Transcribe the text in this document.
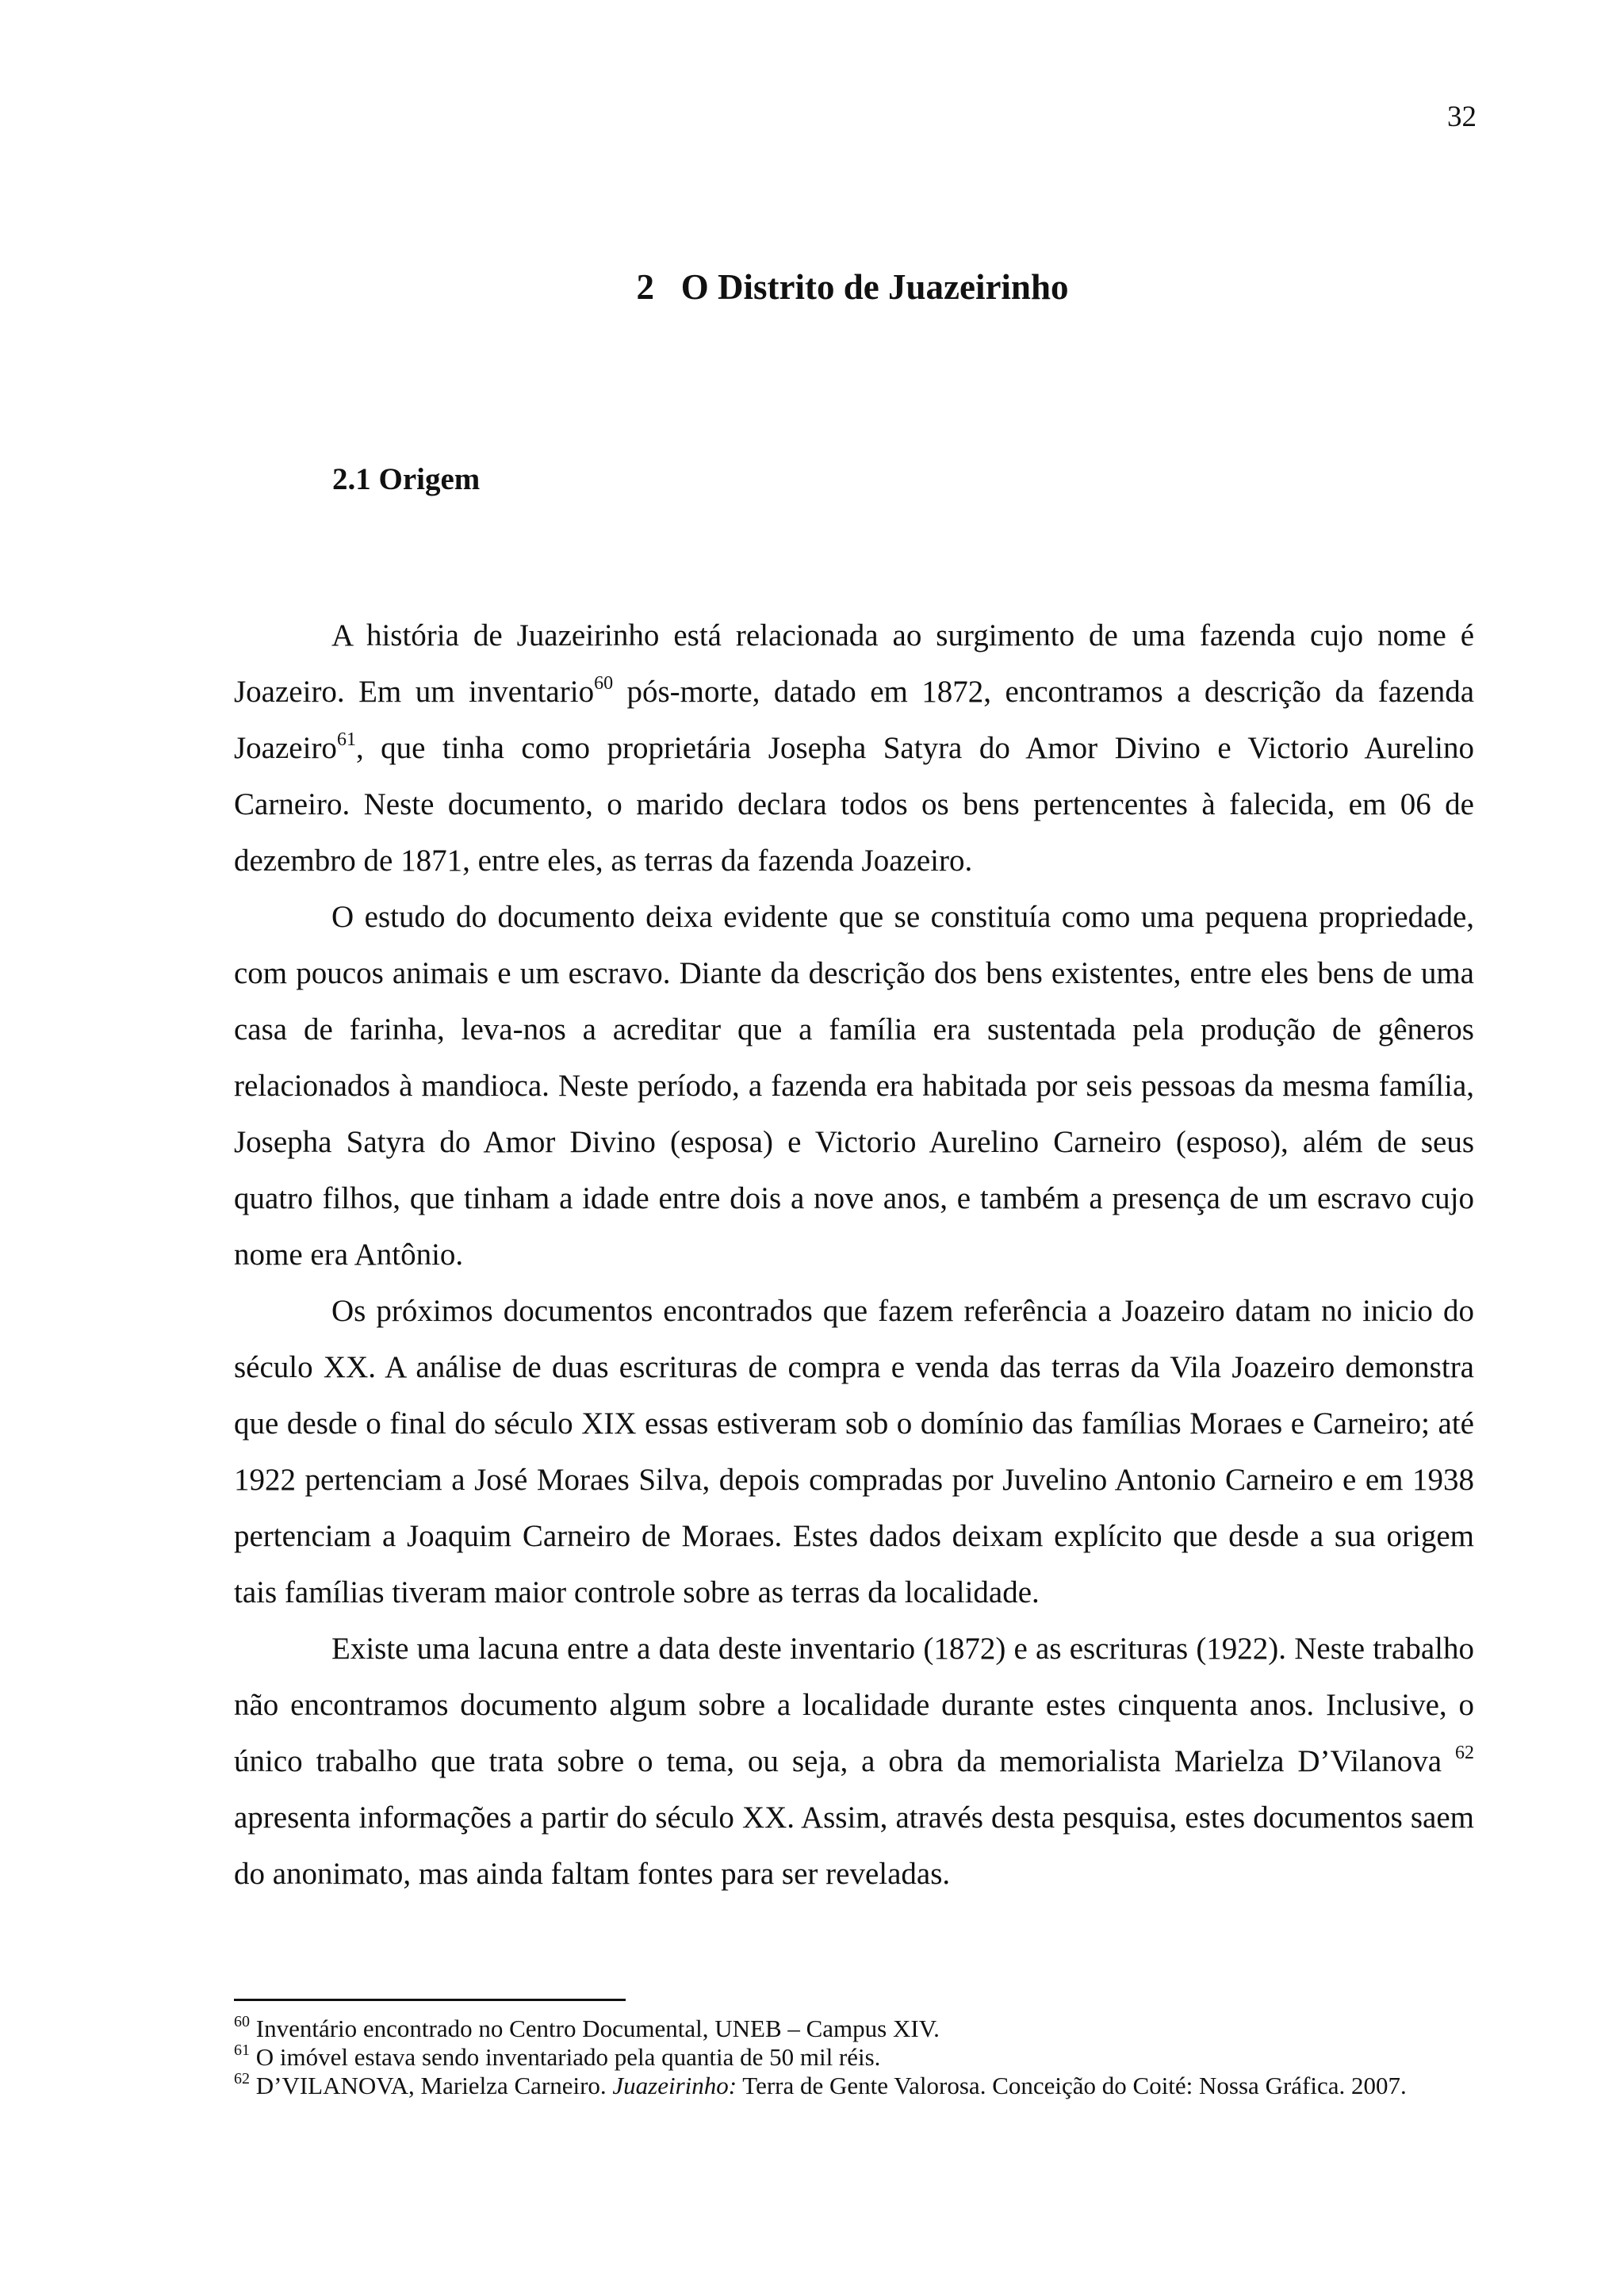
32
2   O Distrito de Juazeirinho
2.1 Origem

A história de Juazeirinho está relacionada ao surgimento de uma fazenda cujo nome é Joazeiro. Em um inventario$^{60}$ pós-morte, datado em 1872, encontramos a descrição da fazenda Joazeiro$^{61}$, que tinha como proprietária Josepha Satyra do Amor Divino e Victorio Aurelino Carneiro. Neste documento, o marido declara todos os bens pertencentes à falecida, em 06 de dezembro de 1871, entre eles, as terras da fazenda Joazeiro.

O estudo do documento deixa evidente que se constituía como uma pequena propriedade, com poucos animais e um escravo. Diante da descrição dos bens existentes, entre eles bens de uma casa de farinha, leva-nos a acreditar que a família era sustentada pela produção de gêneros relacionados à mandioca. Neste período, a fazenda era habitada por seis pessoas da mesma família, Josepha Satyra do Amor Divino (esposa) e Victorio Aurelino Carneiro (esposo), além de seus quatro filhos, que tinham a idade entre dois a nove anos, e também a presença de um escravo cujo nome era Antônio.

Os próximos documentos encontrados que fazem referência a Joazeiro datam no inicio do século XX. A análise de duas escrituras de compra e venda das terras da Vila Joazeiro demonstra que desde o final do século XIX essas estiveram sob o domínio das famílias Moraes e Carneiro; até 1922 pertenciam a José Moraes Silva, depois compradas por Juvelino Antonio Carneiro e em 1938 pertenciam a Joaquim Carneiro de Moraes. Estes dados deixam explícito que desde a sua origem tais famílias tiveram maior controle sobre as terras da localidade.

Existe uma lacuna entre a data deste inventario (1872) e as escrituras (1922). Neste trabalho não encontramos documento algum sobre a localidade durante estes cinquenta anos. Inclusive, o único trabalho que trata sobre o tema, ou seja, a obra da memorialista Marielza D’Vilanova $^{62}$ apresenta informações a partir do século XX. Assim, através desta pesquisa, estes documentos saem do anonimato, mas ainda faltam fontes para ser reveladas.

$^{60}$ Inventário encontrado no Centro Documental, UNEB – Campus XIV.

$^{61}$ O imóvel estava sendo inventariado pela quantia de 50 mil réis.

$^{62}$ D’VILANOVA, Marielza Carneiro. Juazeirinho: Terra de Gente Valorosa. Conceição do Coité: Nossa Gráfica. 2007.
